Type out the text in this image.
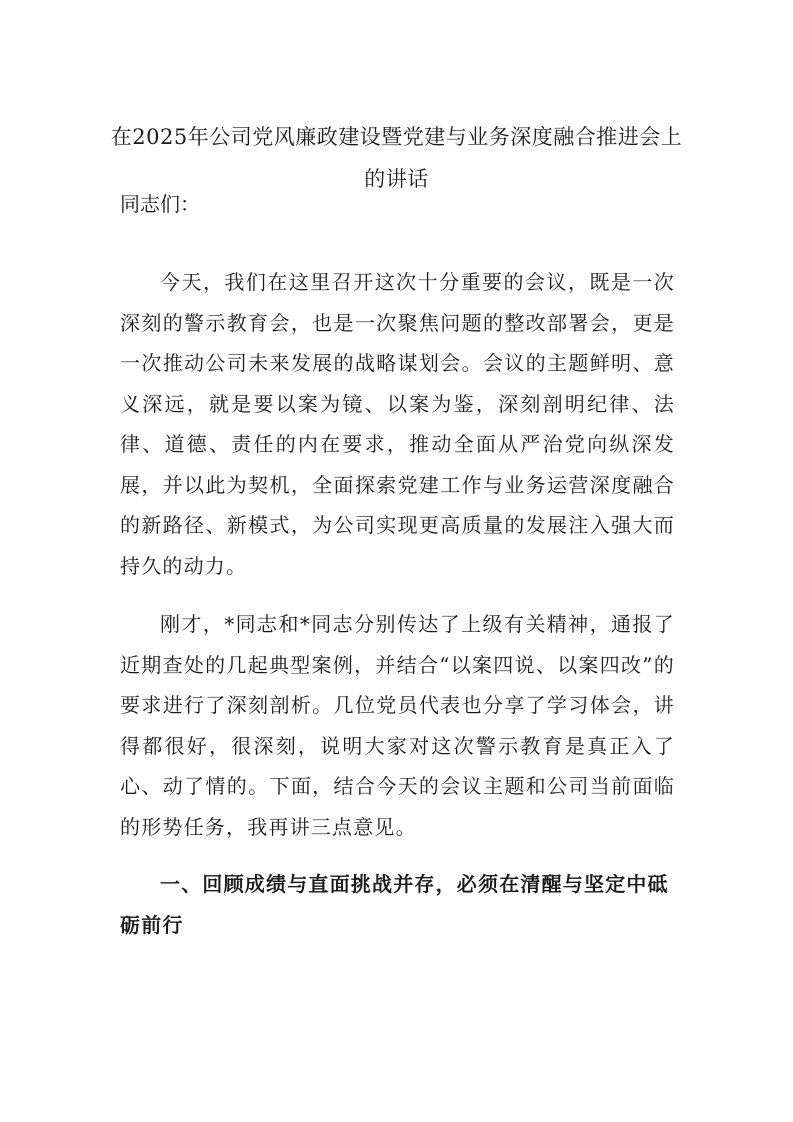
在2025年公司党风廉政建设暨党建与业务深度融合推进会上的讲话

同志们：

今天，我们在这里召开这次十分重要的会议，既是一次深刻的警示教育会，也是一次聚焦问题的整改部署会，更是一次推动公司未来发展的战略谋划会。会议的主题鲜明、意义深远，就是要以案为镜、以案为鉴，深刻剖明纪律、法律、道德、责任的内在要求，推动全面从严治党向纵深发展，并以此为契机，全面探索党建工作与业务运营深度融合的新路径、新模式，为公司实现更高质量的发展注入强大而持久的动力。

刚才，*同志和*同志分别传达了上级有关精神，通报了近期查处的几起典型案例，并结合“以案四说、以案四改”的要求进行了深刻剖析。几位党员代表也分享了学习体会，讲得都很好，很深刻，说明大家对这次警示教育是真正入了心、动了情的。下面，结合今天的会议主题和公司当前面临的形势任务，我再讲三点意见。

一、回顾成绩与直面挑战并存，必须在清醒与坚定中砥砺前行
